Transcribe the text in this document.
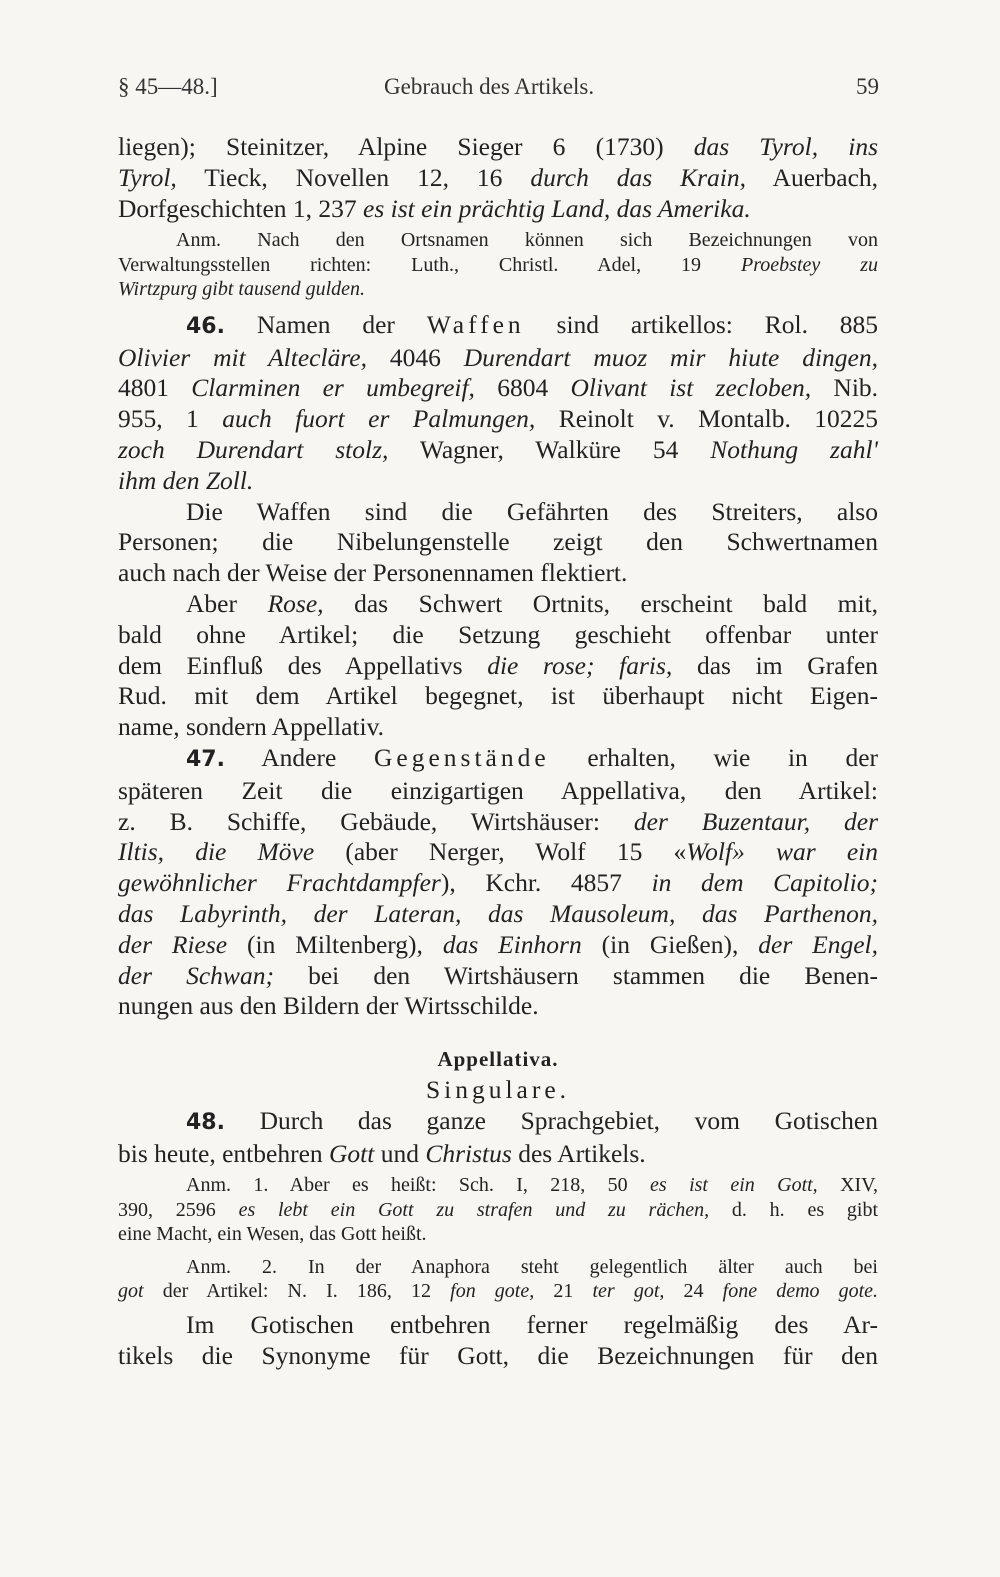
§ 45—48.]	Gebrauch des Artikels.	59
liegen); Steinitzer, Alpine Sieger 6 (1730) das Tyrol, ins
Tyrol, Tieck, Novellen 12, 16 durch das Krain, Auerbach,
Dorfgeschichten 1, 237 es ist ein prächtig Land, das Amerika.
Anm. Nach den Ortsnamen können sich Bezeichnungen von
Verwaltungsstellen richten: Luth., Christl. Adel, 19 Proebstey zu
Wirtzpurg gibt tausend gulden.
46. Namen der Waffen sind artikellos: Rol. 885
Olivier mit Altecläre, 4046 Durendart muoz mir hiute dingen,
4801 Clarminen er umbegreif, 6804 Olivant ist zecloben, Nib.
955, 1 auch fuort er Palmungen, Reinolt v. Montalb. 10225
zoch Durendart stolz, Wagner, Walküre 54 Nothung zahl'
ihm den Zoll.
Die Waffen sind die Gefährten des Streiters, also
Personen; die Nibelungenstelle zeigt den Schwertnamen
auch nach der Weise der Personennamen flektiert.
Aber Rose, das Schwert Ortnits, erscheint bald mit,
bald ohne Artikel; die Setzung geschieht offenbar unter
dem Einfluß des Appellativs die rose; faris, das im Grafen
Rud. mit dem Artikel begegnet, ist überhaupt nicht Eigen-
name, sondern Appellativ.
47. Andere Gegenstände erhalten, wie in der
späteren Zeit die einzigartigen Appellativa, den Artikel:
z. B. Schiffe, Gebäude, Wirtshäuser: der Buzentaur, der
Iltis, die Möve (aber Nerger, Wolf 15 «Wolf» war ein
gewöhnlicher Frachtdampfer), Kchr. 4857 in dem Capitolio;
das Labyrinth, der Lateran, das Mausoleum, das Parthenon,
der Riese (in Miltenberg), das Einhorn (in Gießen), der Engel,
der Schwan; bei den Wirtshäusern stammen die Benen-
nungen aus den Bildern der Wirtsschilde.
Appellativa.
Singulare.
48. Durch das ganze Sprachgebiet, vom Gotischen
bis heute, entbehren Gott und Christus des Artikels.
Anm. 1. Aber es heißt: Sch. I, 218, 50 es ist ein Gott, XIV,
390, 2596 es lebt ein Gott zu strafen und zu rächen, d. h. es gibt
eine Macht, ein Wesen, das Gott heißt.
Anm. 2. In der Anaphora steht gelegentlich älter auch bei
got der Artikel: N. I. 186, 12 fon gote, 21 ter got, 24 fone demo gote.
Im Gotischen entbehren ferner regelmäßig des Ar-
tikels die Synonyme für Gott, die Bezeichnungen für den
